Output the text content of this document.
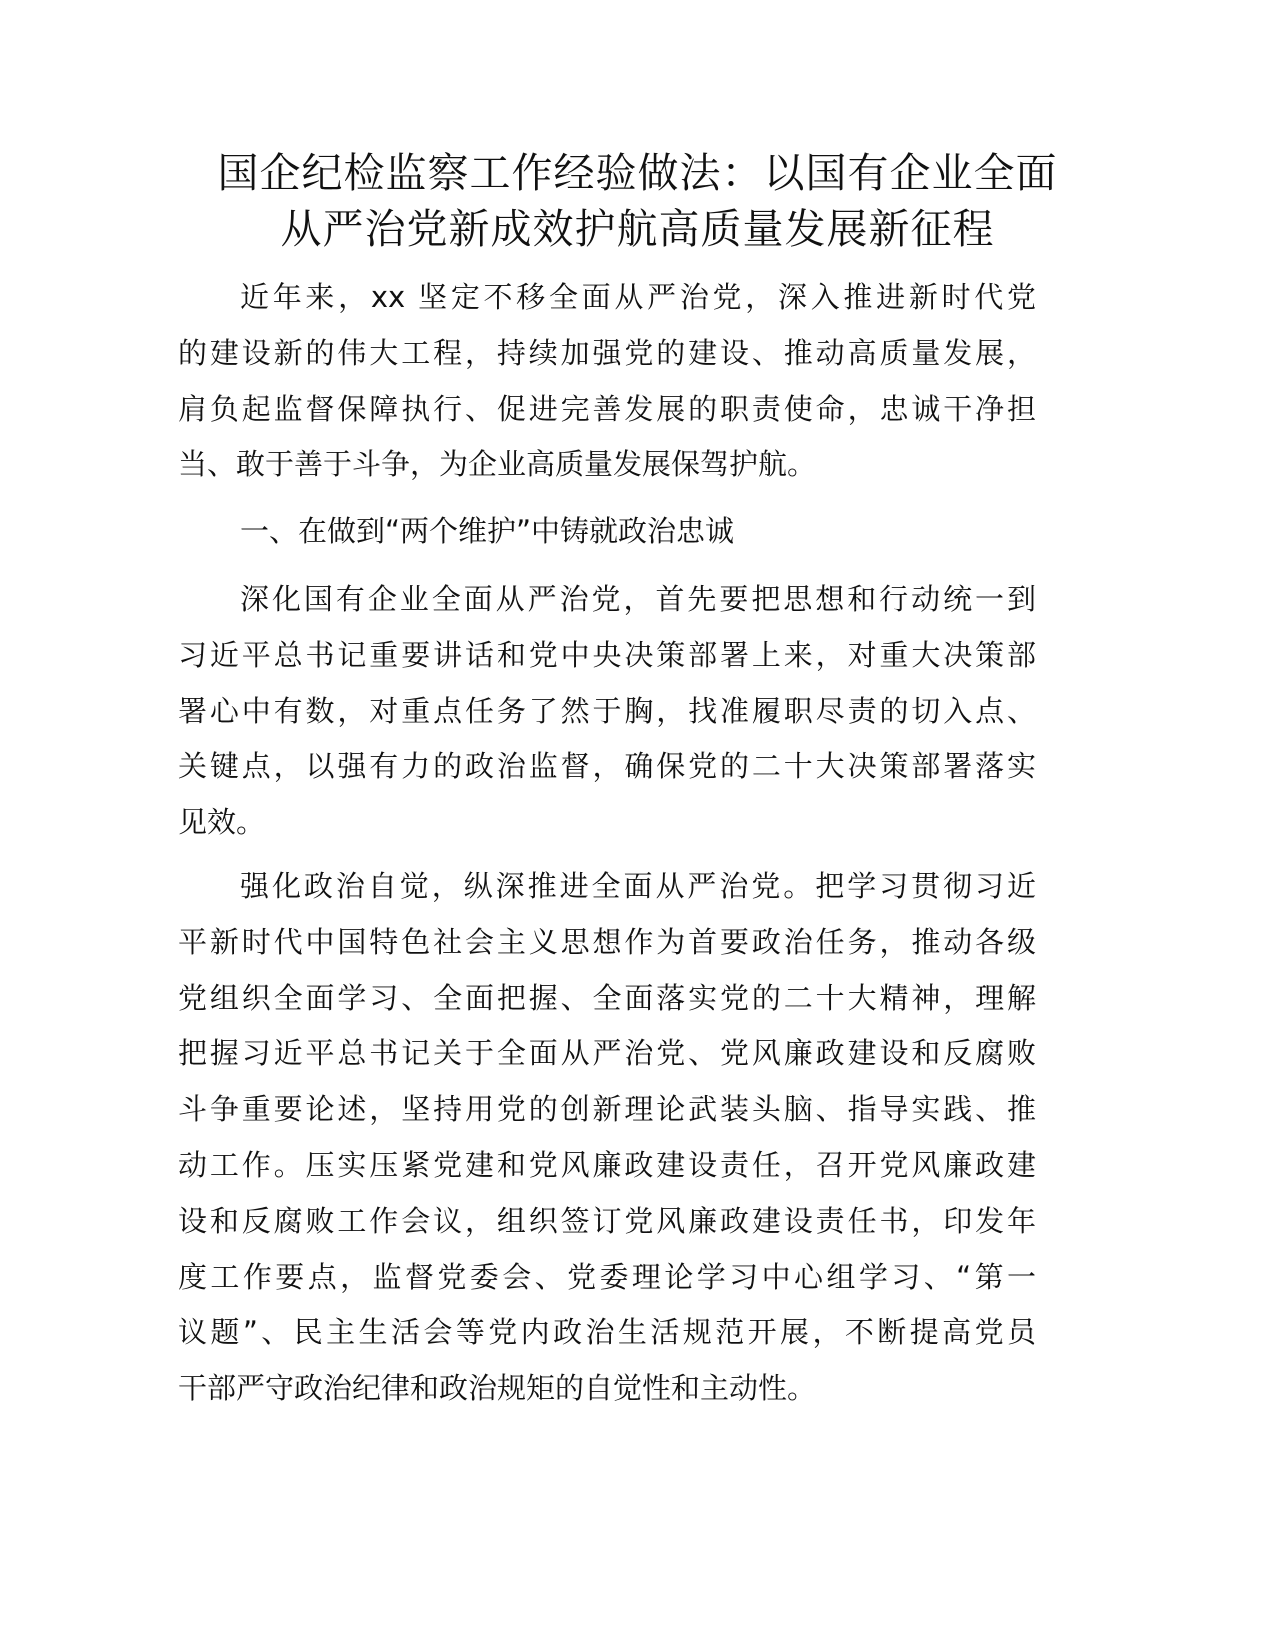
国企纪检监察工作经验做法：以国有企业全面
从严治党新成效护航高质量发展新征程
近年来，xx 坚定不移全面从严治党，深入推进新时代党
的建设新的伟大工程，持续加强党的建设、推动高质量发展，
肩负起监督保障执行、促进完善发展的职责使命，忠诚干净担
当、敢于善于斗争，为企业高质量发展保驾护航。
一、在做到“两个维护”中铸就政治忠诚
深化国有企业全面从严治党，首先要把思想和行动统一到
习近平总书记重要讲话和党中央决策部署上来，对重大决策部
署心中有数，对重点任务了然于胸，找准履职尽责的切入点、
关键点，以强有力的政治监督，确保党的二十大决策部署落实
见效。
强化政治自觉，纵深推进全面从严治党。把学习贯彻习近
平新时代中国特色社会主义思想作为首要政治任务，推动各级
党组织全面学习、全面把握、全面落实党的二十大精神，理解
把握习近平总书记关于全面从严治党、党风廉政建设和反腐败
斗争重要论述，坚持用党的创新理论武装头脑、指导实践、推
动工作。压实压紧党建和党风廉政建设责任，召开党风廉政建
设和反腐败工作会议，组织签订党风廉政建设责任书，印发年
度工作要点，监督党委会、党委理论学习中心组学习、“第一
议题”、民主生活会等党内政治生活规范开展，不断提高党员
干部严守政治纪律和政治规矩的自觉性和主动性。
